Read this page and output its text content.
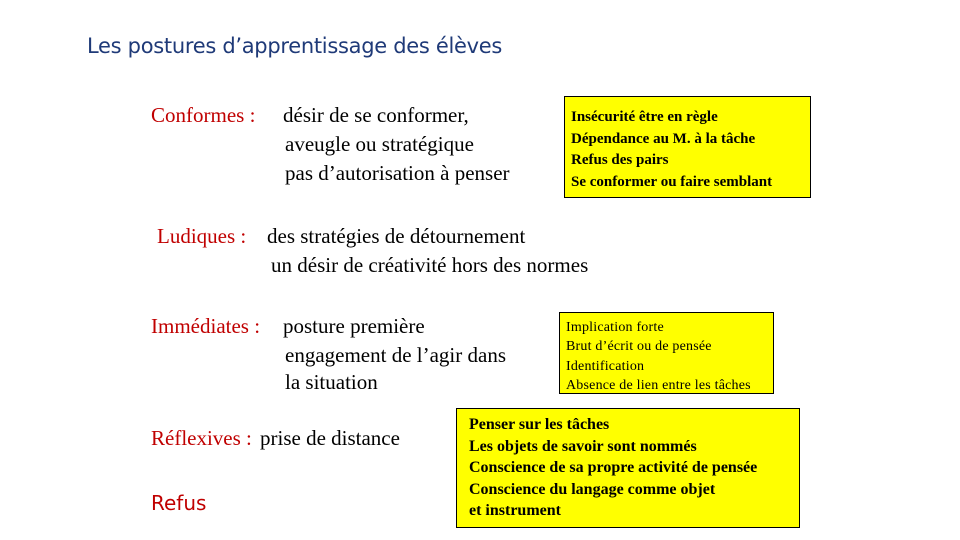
Les postures d’apprentissage des élèves
Conformes : désir de se conformer,
aveugle ou stratégique
pas d’autorisation à penser
Insécurité être en règle
Dépendance au M. à la tâche
Refus des pairs
Se conformer ou faire semblant
Ludiques : des stratégies de détournement
un désir de créativité hors des normes
Immédiates : posture première
engagement de l’agir dans
la situation
Implication forte
Brut d’écrit ou de pensée
Identification
Absence de lien entre les tâches
Réflexives : prise de distance
Penser sur les tâches
Les objets de savoir sont nommés
Conscience de sa propre activité de pensée
Conscience du langage comme objet
et instrument
Refus
